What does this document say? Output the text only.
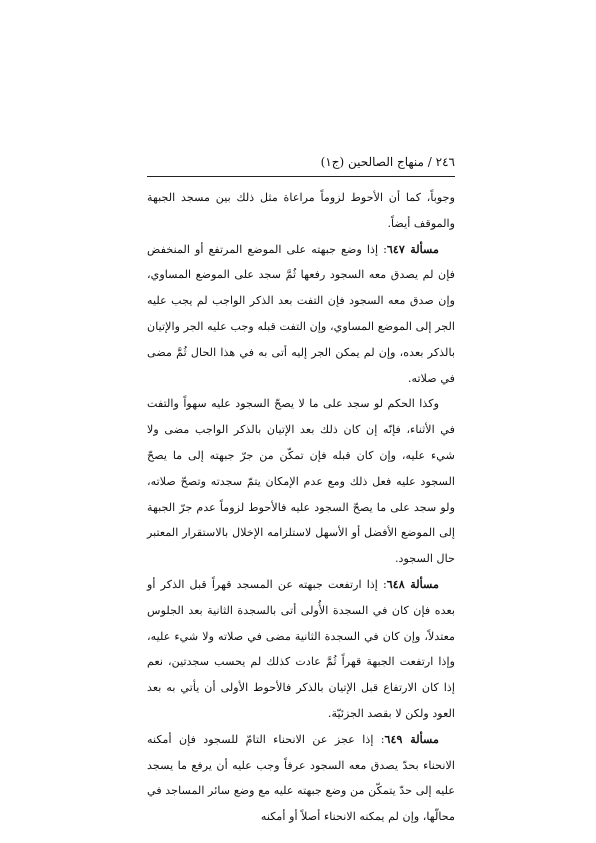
٢٤٦ / منهاج الصالحين (ج١)

وجوباً، كما أن الأحوط لزوماً مراعاة مثل ذلك بين مسجد الجبهة والموقف أيضاً.

مسألة ٦٤٧: إذا وضع جبهته على الموضع المرتفع أو المنخفض فإن لم يصدق معه السجود رفعها ثُمَّ سجد على الموضع المساوي، وإن صدق معه السجود فإن التفت بعد الذكر الواجب لم يجب عليه الجر إلى الموضع المساوي، وإن التفت قبله وجب عليه الجر والإتيان بالذكر بعده، وإن لم يمكن الجر إليه أتى به في هذا الحال ثُمَّ مضى في صلاته.

وكذا الحكم لو سجد على ما لا يصحّ السجود عليه سهواً والتفت في الأثناء، فإنّه إن كان ذلك بعد الإتيان بالذكر الواجب مضى ولا شيء عليه، وإن كان قبله فإن تمكّن من جرّ جبهته إلى ما يصحّ السجود عليه فعل ذلك ومع عدم الإمكان يتمّ سجدته وتصحّ صلاته، ولو سجد على ما يصحّ السجود عليه فالأحوط لزوماً عدم جرّ الجبهة إلى الموضع الأفضل أو الأسهل لاستلزامه الإخلال بالاستقرار المعتبر حال السجود.

مسألة ٦٤٨: إذا ارتفعت جبهته عن المسجد قهراً قبل الذكر أو بعده فإن كان في السجدة الأُولى أتى بالسجدة الثانية بعد الجلوس معتدلاً، وإن كان في السجدة الثانية مضى في صلاته ولا شيء عليه، وإذا ارتفعت الجبهة قهراً ثُمَّ عادت كذلك لم يحسب سجدتين، نعم إذا كان الارتفاع قبل الإتيان بالذكر فالأحوط الأولى أن يأتي به بعد العود ولكن لا بقصد الجزئيّة.

مسألة ٦٤٩: إذا عجز عن الانحناء التامّ للسجود فإن أمكنه الانحناء بحدّ يصدق معه السجود عرفاً وجب عليه أن يرفع ما يسجد عليه إلى حدّ يتمكّن من وضع جبهته عليه مع وضع سائر المساجد في محالّها، وإن لم يمكنه الانحناء أصلاً أو أمكنه
